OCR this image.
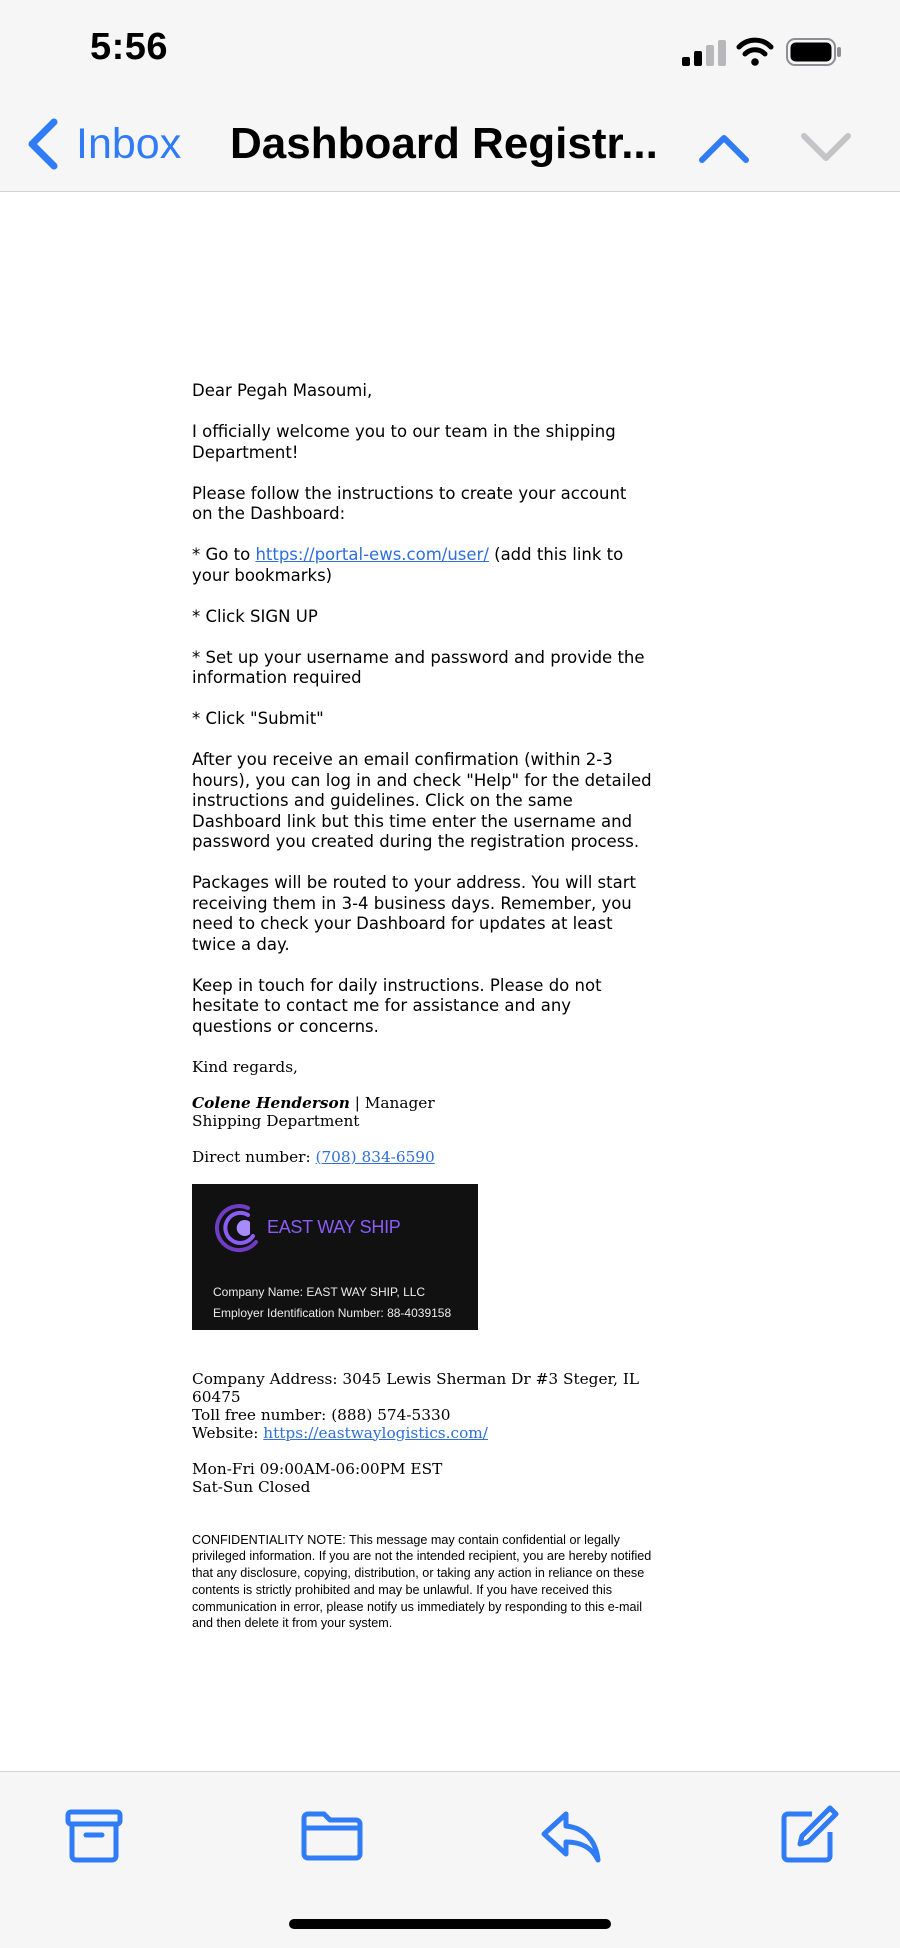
5:56
Inbox Dashboard Registr...

Dear Pegah Masoumi,

I officially welcome you to our team in the shipping Department!

Please follow the instructions to create your account on the Dashboard:

* Go to https://portal-ews.com/user/ (add this link to your bookmarks)

* Click SIGN UP

* Set up your username and password and provide the information required

* Click "Submit"

After you receive an email confirmation (within 2-3 hours), you can log in and check "Help" for the detailed instructions and guidelines. Click on the same Dashboard link but this time enter the username and password you created during the registration process.

Packages will be routed to your address. You will start receiving them in 3-4 business days. Remember, you need to check your Dashboard for updates at least twice a day.

Keep in touch for daily instructions. Please do not hesitate to contact me for assistance and any questions or concerns.

Kind regards,

Colene Henderson | Manager

Shipping Department

Direct number: (708) 834-6590
EAST WAY SHIP
Company Name: EAST WAY SHIP, LLC
Employer Identification Number: 88-4039158
Company Address: 3045 Lewis Sherman Dr #3 Steger, IL 60475
Toll free number: (888) 574-5330

Website: https://eastwaylogistics.com/

Mon-Fri 09:00AM-06:00PM EST
Sat-Sun Closed
CONFIDENTIALITY NOTE: This message may contain confidential or legally privileged information. If you are not the intended recipient, you are hereby notified that any disclosure, copying, distribution, or taking any action in reliance on these contents is strictly prohibited and may be unlawful. If you have received this communication in error, please notify us immediately by responding to this e-mail and then delete it from your system.
